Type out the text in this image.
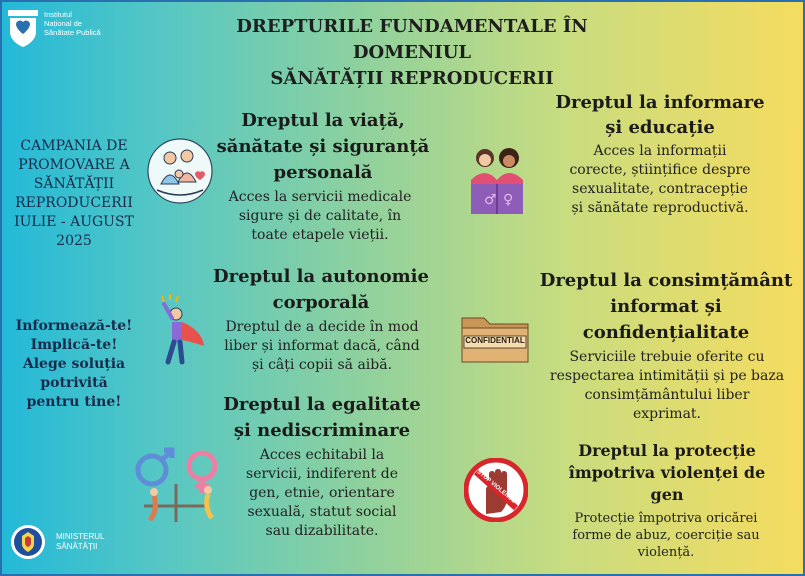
Institutul
Național de
Sănătate Publică	DREPTURILE FUNDAMENTALE ÎN DOMENIUL
SĂNĂTĂȚII REPRODUCERII
CAMPANIA DE
PROMOVARE A
SĂNĂTĂȚII
REPRODUCERII
IULIE - AUGUST
2025
Informează-te!
Implică-te!
Alege soluția
potrivită
pentru tine!
MINISTERUL
SĂNĂTĂȚII
♂ ♀
CONFIDENTIAL
STOP VIOLENCE
Dreptul la viață,
sănătate și siguranță
personală
Acces la servicii medicale
sigure și de calitate, în
toate etapele vieții.
Dreptul la autonomie
corporală
Dreptul de a decide în mod
liber și informat dacă, când
și câți copii să aibă.
Dreptul la egalitate
și nediscriminare
Acces echitabil la
servicii, indiferent de
gen, etnie, orientare
sexuală, statut social
sau dizabilitate.
Dreptul la informare
și educație
Acces la informații
corecte, științifice despre
sexualitate, contracepție
și sănătate reproductivă.
Dreptul la consimțământ
informat și
confidențialitate
Serviciile trebuie oferite cu
respectarea intimității și pe baza
consimțământului liber
exprimat.
Dreptul la protecție
împotriva violenței de
gen
Protecție împotriva oricărei
forme de abuz, coerciție sau
violență.
